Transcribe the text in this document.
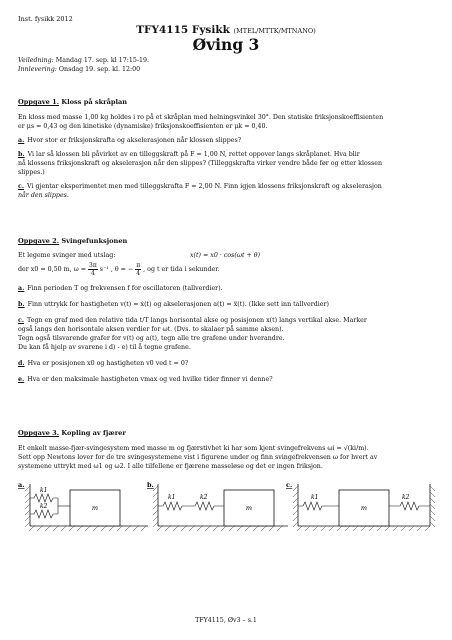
Inst. fysikk 2012
TFY4115 Fysikk (MTEL/MTTK/MTNANO)
Øving 3
Veiledning: Mandag 17. sep. kl 17:15-19.
Innlevering: Onsdag 19. sep. kl. 12:00
Oppgave 1. Kloss på skråplan

En kloss med masse 1,00 kg holdes i ro på et skråplan med helningsvinkel 30°. Den statiske friksjonskoeffisienten

er μs = 0,43 og den kinetiske (dynamiske) friksjonskoeffisienten er μk = 0,40.

a. Hvor stor er friksjonskrafta og akselerasjonen når klossen slippes?

b. Vi lar så klossen bli påvirket av en tilleggskraft på F = 1,00 N, rettet oppover langs skråplanet. Hva blir

nå klossens friksjonskraft og akselerasjon når den slippes? (Tilleggskrafta virker vendre både før og etter klossen

slippes.)

c. Vi gjentar eksperimentet men med tilleggskrafta F = 2,00 N. Finn igjen klossens friksjonskraft og akselerasjon

når den slippes.

Oppgave 2. Svingefunksjonen
Et legeme svinger med utslag:	x(t) = x0 · cos(ωt + θ)
der x0 = 0,50 m, $\omega = \frac{3\pi}{4} s^{-1}$ , θ = − $\frac{\pi}{4}$ , og t er tida i sekunder.

a. Finn perioden T og frekvensen f for oscillatoren (tallverdier).

b. Finn uttrykk for hastigheten v(t) = ẋ(t) og akselerasjonen a(t) = ẍ(t). (Ikke sett inn tallverdier)

c. Tegn en graf med den relative tida t/T langs horisontal akse og posisjonen x(t) langs vertikal akse. Marker

også langs den horisontale aksen verdier for ωt. (Dvs. to skalaer på samme aksen).

Tegn også tilsvarende grafer for v(t) og a(t), tegn alle tre grafene under hverandre.

Du kan få hjelp av svarene i d) - e) til å tegne grafene.

d. Hva er posisjonen x0 og hastigheten v0 ved t = 0?

e. Hva er den maksimale hastigheten vmax og ved hvilke tider finner vi denne?

Oppgave 3. Kopling av fjærer

Et enkelt masse-fjær-svingesystem med masse m og fjærstivhet ki har som kjent svingefrekvens ωi = √(ki/m).

Sett opp Newtons lover for de tre svingesystemene vist i figurene under og finn svingefrekvensen ω for hvert av

systemene uttrykt med ω1 og ω2. I alle tilfellene er fjærene masseløse og det er ingen friksjon.

a.
k1
k2	m
b.
k1	k2
m
c.
k1
m
k2
TFY4115, Øv3 – s.1
